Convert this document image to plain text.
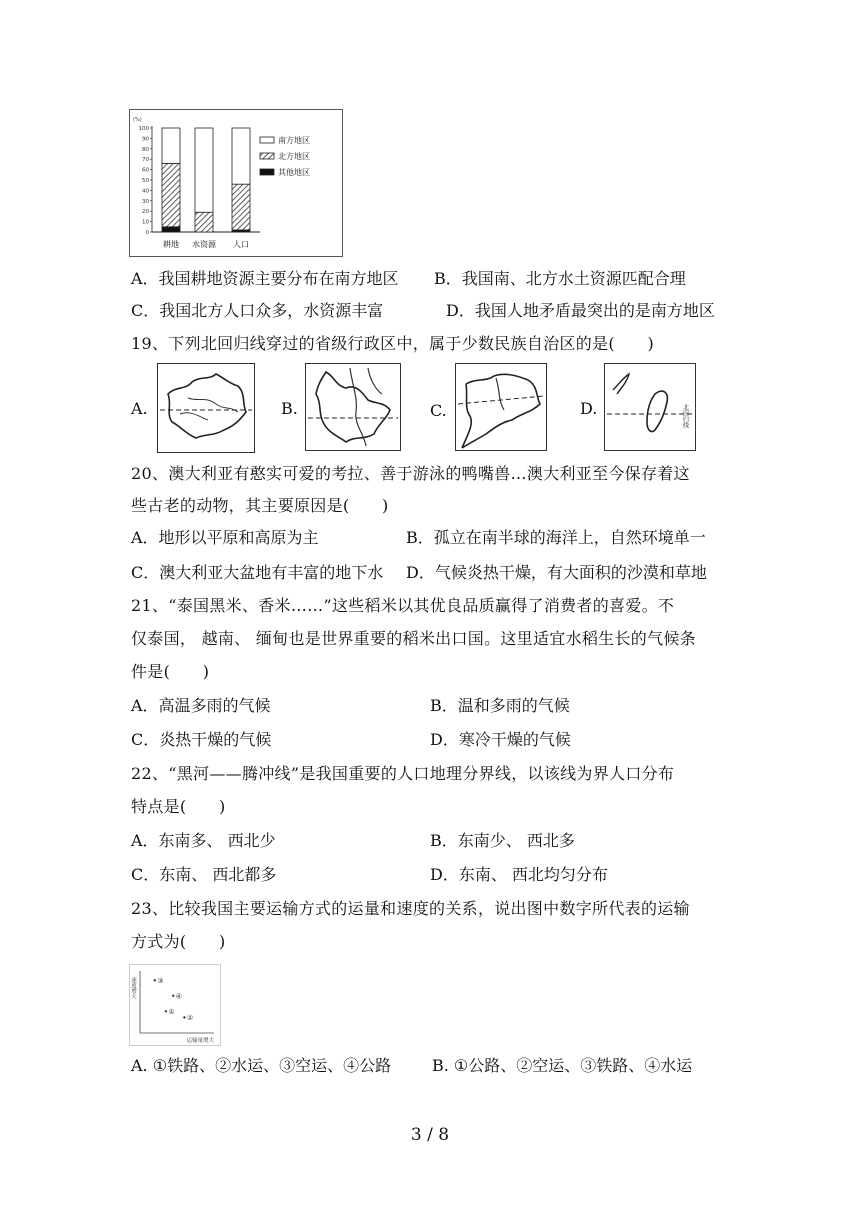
(%)
0
10
20
30
40
50
60
70
80
90
100
耕地 水资源 人口
南方地区
北方地区
其他地区
A．我国耕地资源主要分布在南方地区 B．我国南、北方水土资源匹配合理
C．我国北方人口众多，水资源丰富	D．我国人地矛盾最突出的是南方地区
19、下列北回归线穿过的省级行政区中，属于少数民族自治区的是(　　)
A.	B.	C.	D.	北回归线
20、澳大利亚有憨实可爱的考拉、善于游泳的鸭嘴兽…澳大利亚至今保存着这
些古老的动物，其主要原因是(　　)
A．地形以平原和高原为主	B．孤立在南半球的海洋上，自然环境单一
C．澳大利亚大盆地有丰富的地下水 D．气候炎热干燥，有大面积的沙漠和草地
21、“泰国黑米、香米……”这些稻米以其优良品质赢得了消费者的喜爱。不
仅泰国， 越南、 缅甸也是世界重要的稻米出口国。这里适宜水稻生长的气候条
件是(　　)
A．高温多雨的气候	B．温和多雨的气候
C．炎热干燥的气候	D．寒冷干燥的气候
22、“黑河——腾冲线”是我国重要的人口地理分界线，以该线为界人口分布
特点是(　　)
A．东南多、 西北少	B．东南少、 西北多
C．东南、 西北都多	D．东南、 西北均匀分布
23、比较我国主要运输方式的运量和速度的关系，说出图中数字所代表的运输
方式为(　　)
速度增大
运输量增大
③
④
①
②
A. ①铁路、②水运、③空运、④公路	B. ①公路、②空运、③铁路、④水运
3 / 8
